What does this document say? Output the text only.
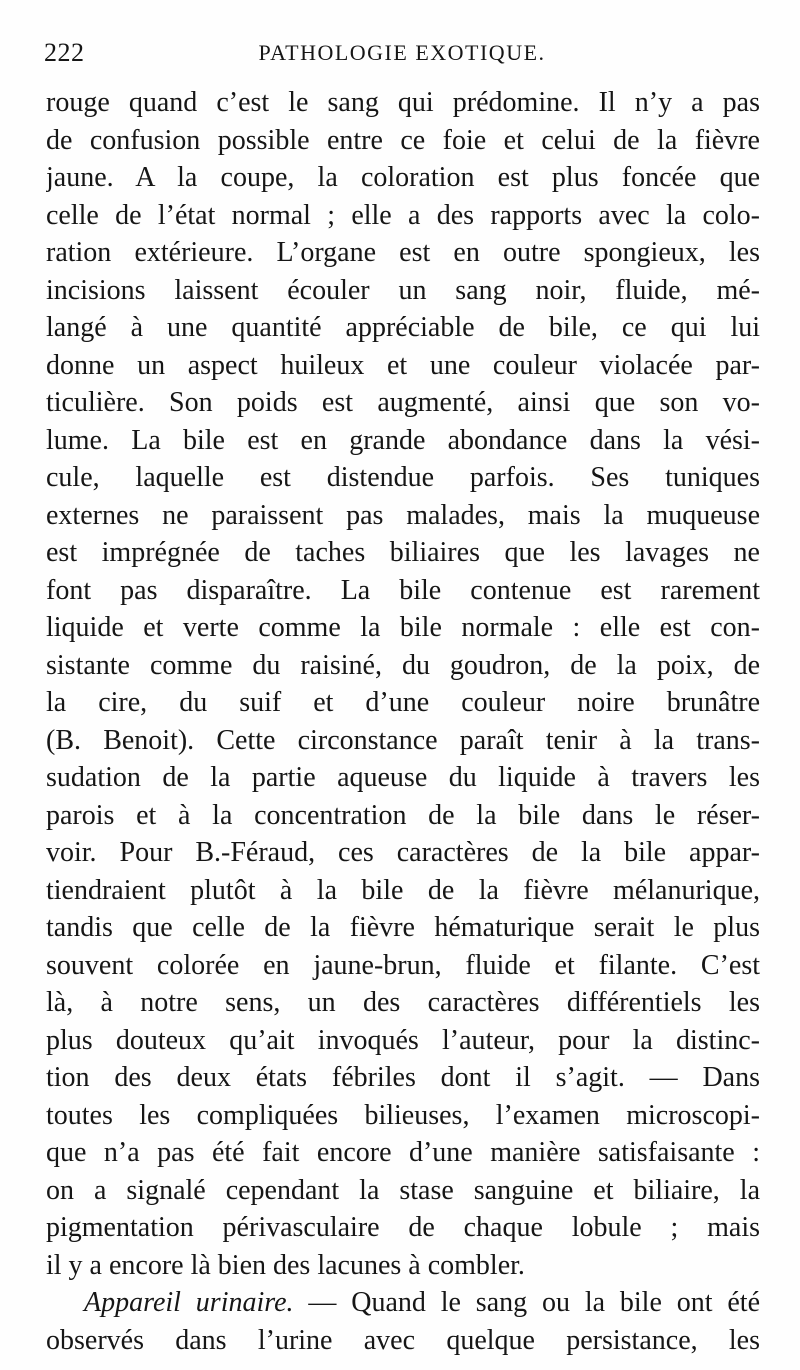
222	PATHOLOGIE EXOTIQUE.
rouge quand c’est le sang qui prédomine. Il n’y a pas
de confusion possible entre ce foie et celui de la fièvre
jaune. A la coupe, la coloration est plus foncée que
celle de l’état normal ; elle a des rapports avec la colo-
ration extérieure. L’organe est en outre spongieux, les
incisions laissent écouler un sang noir, fluide, mé-
langé à une quantité appréciable de bile, ce qui lui
donne un aspect huileux et une couleur violacée par-
ticulière. Son poids est augmenté, ainsi que son vo-
lume. La bile est en grande abondance dans la vési-
cule, laquelle est distendue parfois. Ses tuniques
externes ne paraissent pas malades, mais la muqueuse
est imprégnée de taches biliaires que les lavages ne
font pas disparaître. La bile contenue est rarement
liquide et verte comme la bile normale : elle est con-
sistante comme du raisiné, du goudron, de la poix, de
la cire, du suif et d’une couleur noire brunâtre
(B. Benoit). Cette circonstance paraît tenir à la trans-
sudation de la partie aqueuse du liquide à travers les
parois et à la concentration de la bile dans le réser-
voir. Pour B.-Féraud, ces caractères de la bile appar-
tiendraient plutôt à la bile de la fièvre mélanurique,
tandis que celle de la fièvre hématurique serait le plus
souvent colorée en jaune-brun, fluide et filante. C’est
là, à notre sens, un des caractères différentiels les
plus douteux qu’ait invoqués l’auteur, pour la distinc-
tion des deux états fébriles dont il s’agit. — Dans
toutes les compliquées bilieuses, l’examen microscopi-
que n’a pas été fait encore d’une manière satisfaisante :
on a signalé cependant la stase sanguine et biliaire, la
pigmentation périvasculaire de chaque lobule ; mais
il y a encore là bien des lacunes à combler.
Appareil urinaire. — Quand le sang ou la bile ont été
observés dans l’urine avec quelque persistance, les
